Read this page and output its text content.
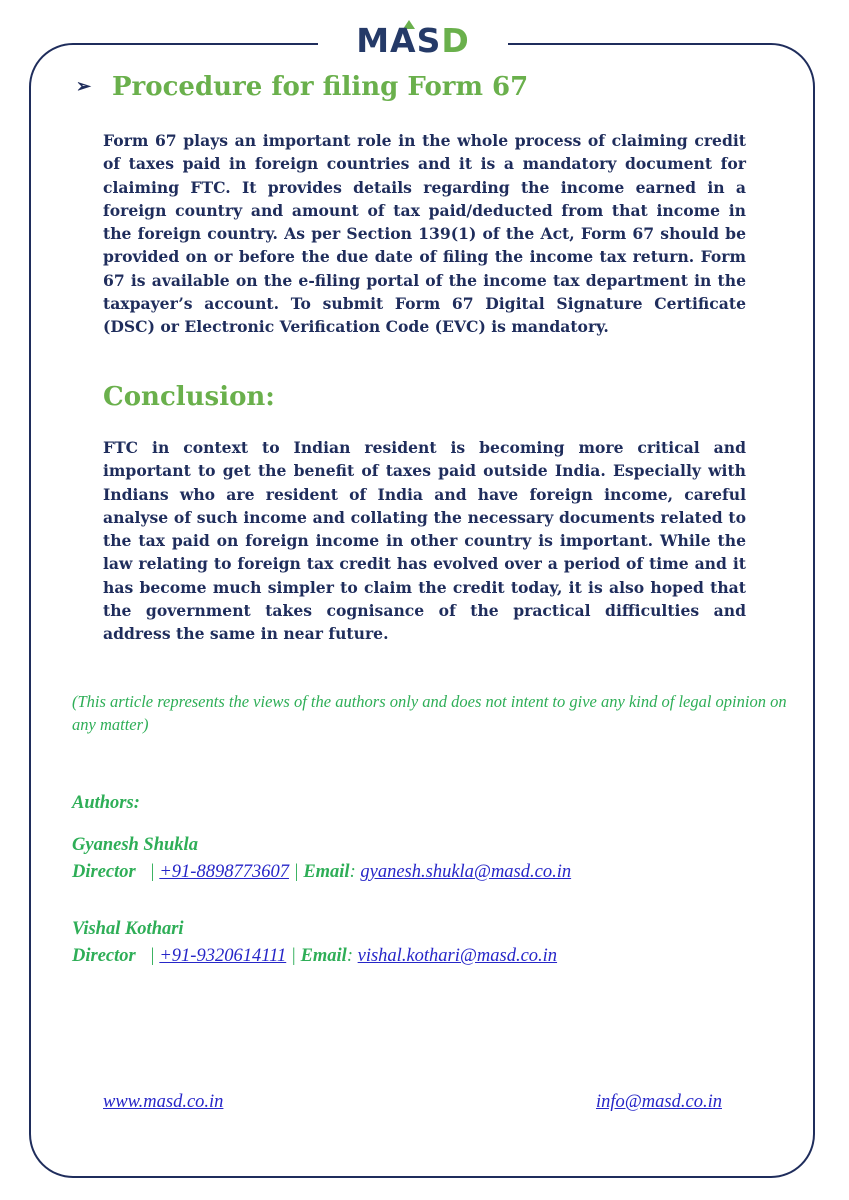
MASD
➢ Procedure for filing Form 67
Form 67 plays an important role in the whole process of claiming credit of taxes paid in foreign countries and it is a mandatory document for claiming FTC. It provides details regarding the income earned in a foreign country and amount of tax paid/deducted from that income in the foreign country. As per Section 139(1) of the Act, Form 67 should be provided on or before the due date of filing the income tax return. Form 67 is available on the e-filing portal of the income tax department in the taxpayer’s account. To submit Form 67 Digital Signature Certificate (DSC) or Electronic Verification Code (EVC) is mandatory.
Conclusion:
FTC in context to Indian resident is becoming more critical and important to get the benefit of taxes paid outside India. Especially with Indians who are resident of India and have foreign income, careful analyse of such income and collating the necessary documents related to the tax paid on foreign income in other country is important. While the law relating to foreign tax credit has evolved over a period of time and it has become much simpler to claim the credit today, it is also hoped that the government takes cognisance of the practical difficulties and address the same in near future.
(This article represents the views of the authors only and does not intent to give any kind of legal opinion on any matter)
Authors:
Gyanesh Shukla
Director | +91-8898773607 | Email: gyanesh.shukla@masd.co.in
Vishal Kothari
Director | +91-9320614111 | Email: vishal.kothari@masd.co.in
www.masd.co.in	info@masd.co.in
